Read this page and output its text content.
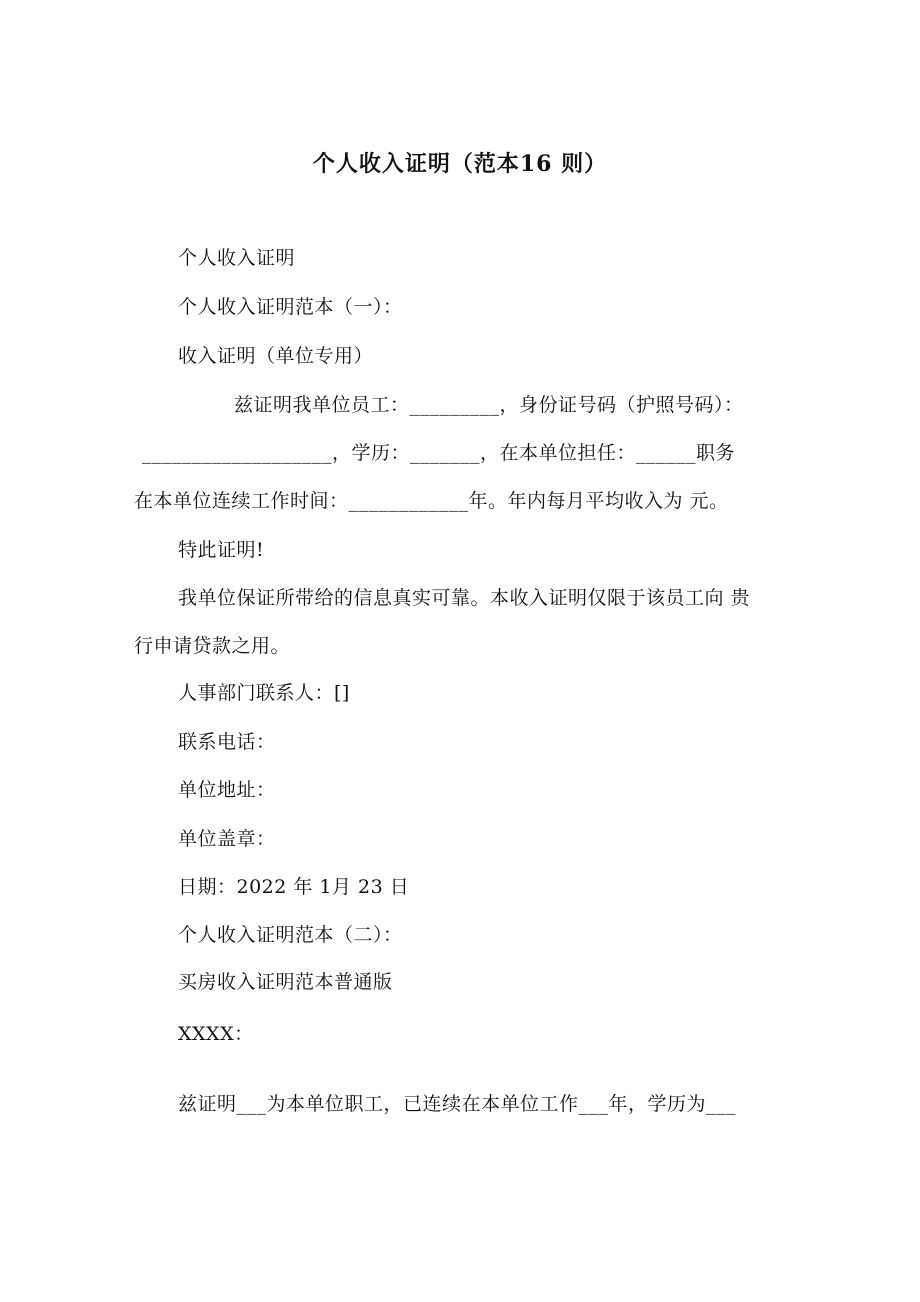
个人收入证明（范本16 则）
个人收入证明
个人收入证明范本（一）：
收入证明（单位专用）
兹证明我单位员工：_________，身份证号码（护照号码）：
___________________，学历：_______，在本单位担任：______职务
在本单位连续工作时间：____________年。年内每月平均收入为 元。
特此证明!
我单位保证所带给的信息真实可靠。本收入证明仅限于该员工向 贵
行申请贷款之用。
人事部门联系人：[]
联系电话：
单位地址：
单位盖章：
日期：2022 年 1月 23 日
个人收入证明范本（二）：
买房收入证明范本普通版
XXXX：
兹证明___为本单位职工，已连续在本单位工作___年，学历为___
